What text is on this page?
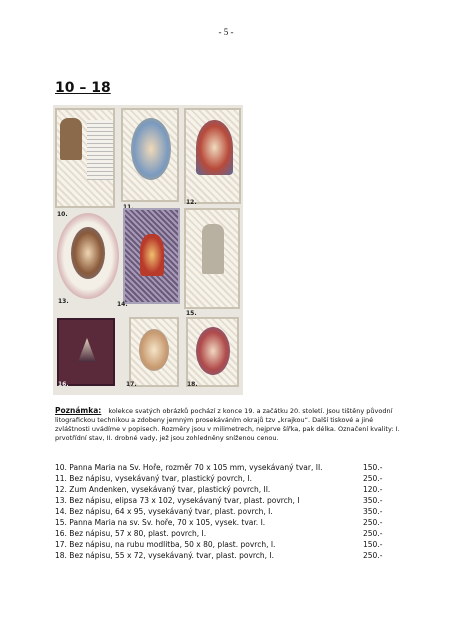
- 5 -
10 – 18
10.
12.
13.	14.
15.
16.	17.	18.
Poznámka: kolekce svatých obrázků pochází z konce 19. a začátku 20. století. Jsou tištěny původní litografickou technikou a zdobeny jemným prosekáváním okrajů tzv „krajkou“. Další tiskové a jiné zvláštnosti uvádíme v popisech. Rozměry jsou v milimetrech, nejprve šířka, pak délka. Označení kvality: I. prvotřídní stav, II. drobné vady, jež jsou zohledněny sníženou cenou.
10. Panna Maria na Sv. Hoře, rozměr 70 x 105 mm, vysekávaný tvar, II.	150.-
11. Bez nápisu, vysekávaný tvar, plastický povrch, I.	250.-
12. Zum Andenken, vysekávaný tvar, plastický povrch, II.	120.-
13. Bez nápisu, elipsa 73 x 102, vysekávaný tvar, plast. povrch, I	350.-
14. Bez nápisu, 64 x 95, vysekávaný tvar, plast. povrch, I.	350.-
15. Panna Maria na sv. Sv. hoře, 70 x 105, vysek. tvar. I.	250.-
16. Bez nápisu, 57 x 80, plast. povrch, I.	250.-
17. Bez nápisu, na rubu modlitba, 50 x 80, plast. povrch, I.	150.-
18. Bez nápisu, 55 x 72, vysekávaný. tvar, plast. povrch, I.	250.-
